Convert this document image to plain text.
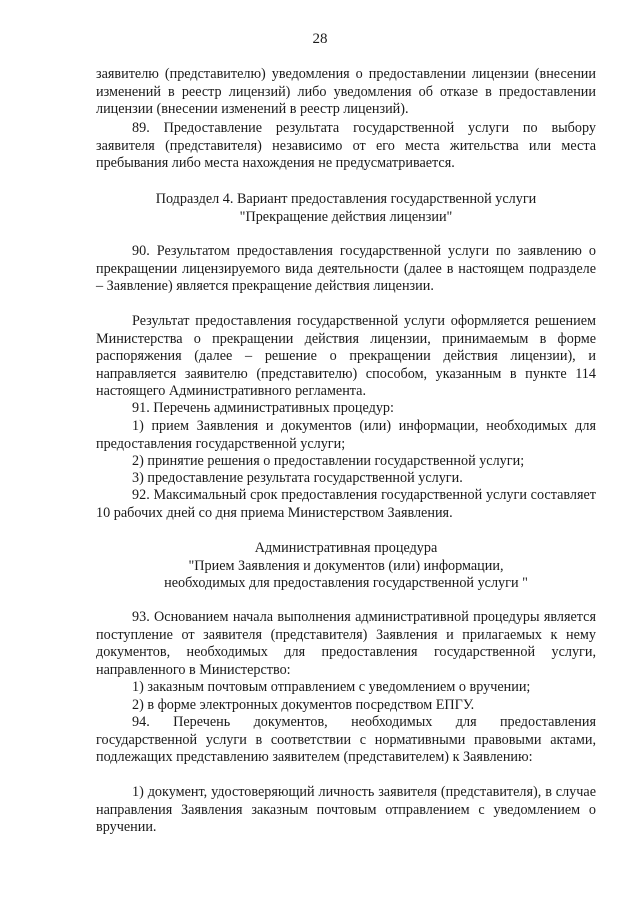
28

заявителю (представителю) уведомления о предоставлении лицензии (внесении изменений в реестр лицензий) либо уведомления об отказе в предоставлении лицензии (внесении изменений в реестр лицензий).

89. Предоставление результата государственной услуги по выбору заявителя (представителя) независимо от его места жительства или места пребывания либо места нахождения не предусматривается.

Подраздел 4. Вариант предоставления государственной услуги
"Прекращение действия лицензии"

90. Результатом предоставления государственной услуги по заявлению о прекращении лицензируемого вида деятельности (далее в настоящем подразделе – Заявление) является прекращение действия лицензии.

Результат предоставления государственной услуги оформляется решением Министерства о прекращении действия лицензии, принимаемым в форме распоряжения (далее – решение о прекращении действия лицензии), и направляется заявителю (представителю) способом, указанным в пункте 114 настоящего Административного регламента.

91. Перечень административных процедур:

1) прием Заявления и документов (или) информации, необходимых для предоставления государственной услуги;

2) принятие решения о предоставлении государственной услуги;

3) предоставление результата государственной услуги.

92. Максимальный срок предоставления государственной услуги составляет 10 рабочих дней со дня приема Министерством Заявления.

Административная процедура
"Прием Заявления и документов (или) информации,
необходимых для предоставления государственной услуги "

93. Основанием начала выполнения административной процедуры является поступление от заявителя (представителя) Заявления и прилагаемых к нему документов, необходимых для предоставления государственной услуги, направленного в Министерство:

1) заказным почтовым отправлением с уведомлением о вручении;

2) в форме электронных документов посредством ЕПГУ.

94. Перечень документов, необходимых для предоставления государственной услуги в соответствии с нормативными правовыми актами, подлежащих представлению заявителем (представителем) к Заявлению:

1) документ, удостоверяющий личность заявителя (представителя), в случае направления Заявления заказным почтовым отправлением с уведомлением о вручении.
